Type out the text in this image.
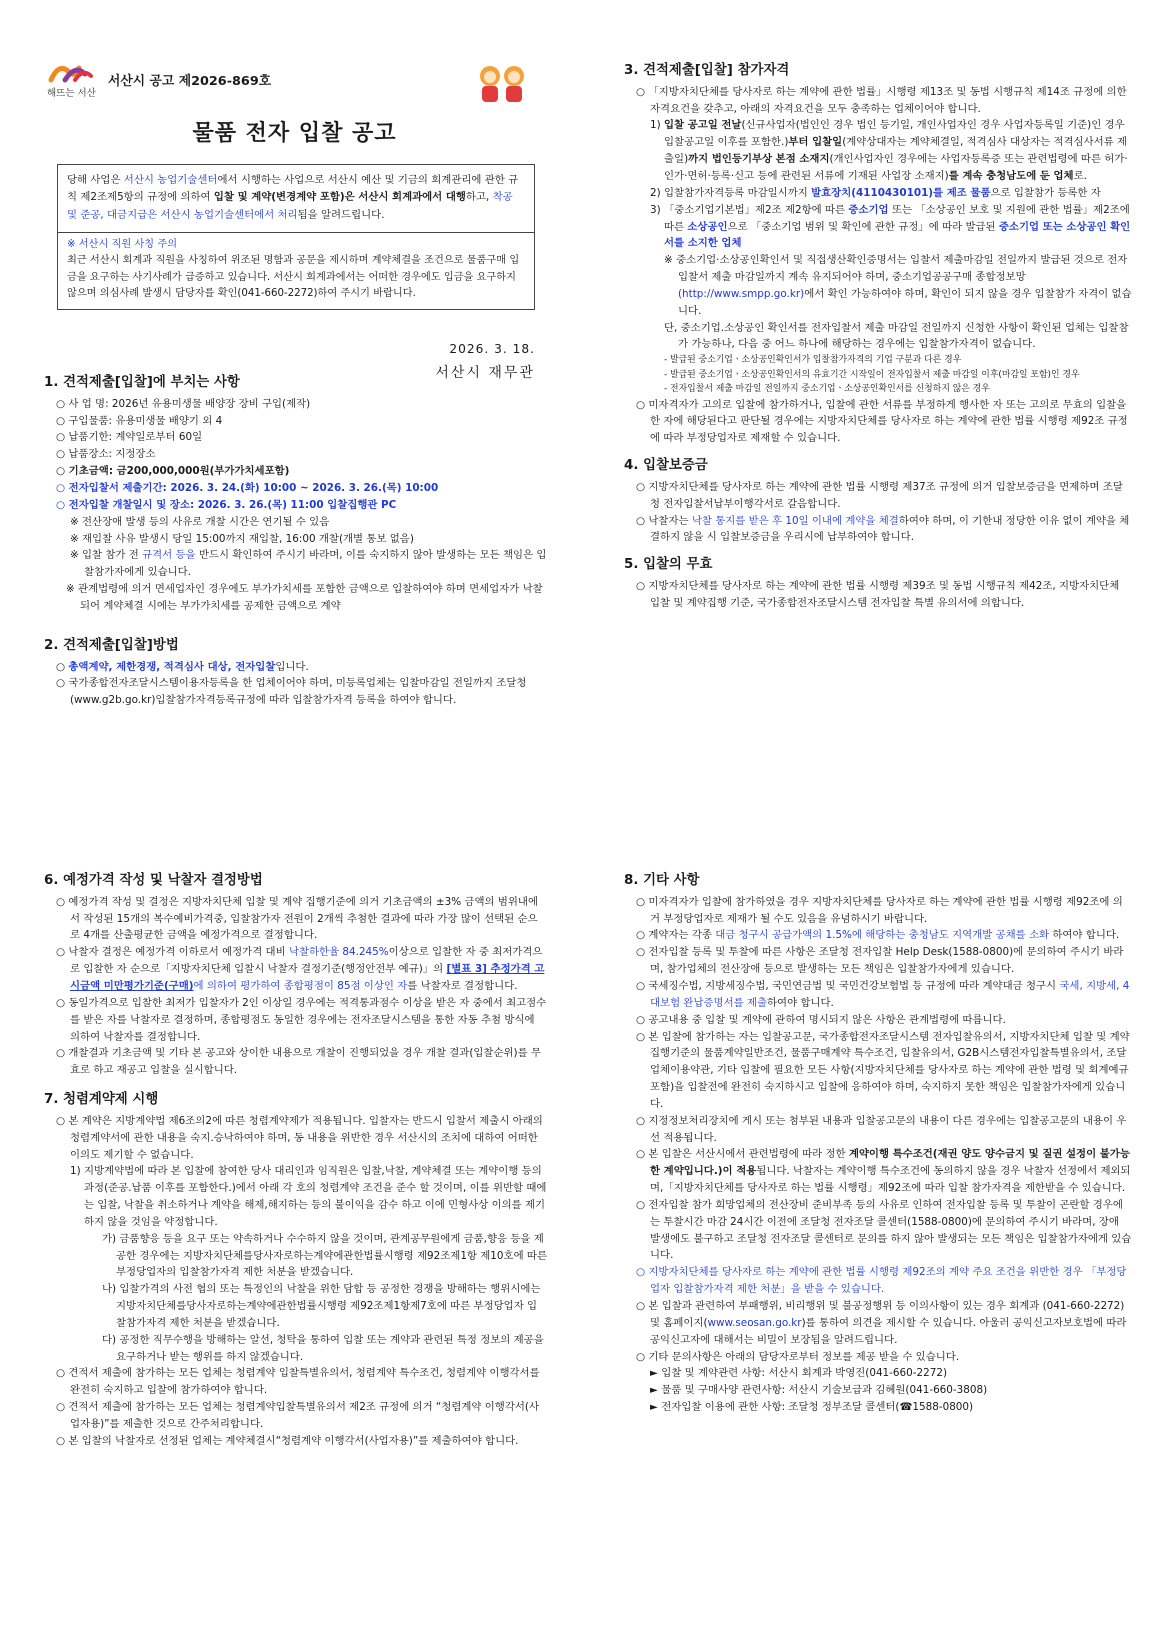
해뜨는 서산
서산시 공고 제2026-869호
물품 전자 입찰 공고
당해 사업은 서산시 농업기술센터에서 시행하는 사업으로 서산시 예산 및 기금의 회계관리에 관한 규칙 제2조제5항의 규정에 의하여 입찰 및 계약(변경계약 포함)은 서산시 회계과에서 대행하고, 착공 및 준공, 대금지급은 서산시 농업기술센터에서 처리됨을 알려드립니다.
※ 서산시 직원 사칭 주의
최근 서산시 회계과 직원을 사칭하여 위조된 명함과 공문을 제시하며 계약체결을 조건으로 물품구매 입금을 요구하는 사기사례가 급증하고 있습니다. 서산시 회계과에서는 어떠한 경우에도 입금을 요구하지 않으며 의심사례 발생시 담당자를 확인(041-660-2272)하여 주시기 바랍니다.
2026. 3. 18.
서산시 재무관
1. 견적제출[입찰]에 부치는 사항

○ 사 업 명: 2026년 유용미생물 배양장 장비 구입(제작)

○ 구입물품: 유용미생물 배양기 외 4

○ 납품기한: 계약일로부터 60일

○ 납품장소: 지정장소

○ 기초금액: 금200,000,000원(부가가치세포함)

○ 전자입찰서 제출기간: 2026. 3. 24.(화) 10:00 ~ 2026. 3. 26.(목) 10:00

○ 전자입찰 개찰일시 및 장소: 2026. 3. 26.(목) 11:00 입찰집행관 PC

※ 전산장애 발생 등의 사유로 개찰 시간은 연기될 수 있음

※ 재입찰 사유 발생시 당일 15:00까지 재입찰, 16:00 개찰(개별 통보 없음)

※ 입찰 참가 전 규격서 등을 반드시 확인하여 주시기 바라며, 이를 숙지하지 않아 발생하는 모든 책임은 입찰참가자에게 있습니다.

※ 관계법령에 의거 면세업자인 경우에도 부가가치세를 포함한 금액으로 입찰하여야 하며 면세업자가 낙찰되어 계약체결 시에는 부가가치세를 공제한 금액으로 계약

2. 견적제출[입찰]방법

○ 총액계약, 제한경쟁, 적격심사 대상, 전자입찰입니다.

○ 국가종합전자조달시스템이용자등록을 한 업체이어야 하며, 미등록업체는 입찰마감일 전일까지 조달청(www.g2b.go.kr)입찰참가자격등록규정에 따라 입찰참가자격 등록을 하여야 합니다.

3. 견적제출[입찰] 참가자격

○ 「지방자치단체를 당사자로 하는 계약에 관한 법률」시행령 제13조 및 동법 시행규칙 제14조 규정에 의한 자격요건을 갖추고, 아래의 자격요건을 모두 충족하는 업체이어야 합니다.

1) 입찰 공고일 전날(신규사업자(법인인 경우 법인 등기일, 개인사업자인 경우 사업자등록일 기준)인 경우 입찰공고일 이후를 포함한.)부터 입찰일(계약상대자는 계약체결일, 적격심사 대상자는 적격심사서류 제출일)까지 법인등기부상 본점 소재지(개인사업자인 경우에는 사업자등록증 또는 관련법령에 따른 허가·인가·면허·등록·신고 등에 관련된 서류에 기재된 사업장 소재지)를 계속 충청남도에 둔 업체로.

2) 입찰참가자격등록 마감일시까지 발효장치(4110430101)를 제조 물품으로 입찰참가 등록한 자

3) 「중소기업기본법」제2조 제2항에 따른 중소기업 또는 「소상공인 보호 및 지원에 관한 법률」제2조에 따른 소상공인으로 「중소기업 범위 및 확인에 관한 규정」에 따라 발급된 중소기업 또는 소상공인 확인서를 소지한 업체

※ 중소기업·소상공인확인서 및 직접생산확인증명서는 입찰서 제출마감일 전일까지 발급된 것으로 전자입찰서 제출 마감일까지 계속 유지되어야 하며, 중소기업공공구매 종합정보망 (http://www.smpp.go.kr)에서 확인 가능하여야 하며, 확인이 되지 않을 경우 입찰참가 자격이 없습니다.

단, 중소기업.소상공인 확인서를 전자입찰서 제출 마감일 전일까지 신청한 사항이 확인된 업체는 입찰참가 가능하나, 다음 중 어느 하나에 해당하는 경우에는 입찰참가자격이 없습니다.

- 발급된 중소기업ㆍ소상공인확인서가 입찰참가자격의 기업 구분과 다른 경우

- 발급된 중소기업ㆍ소상공인확인서의 유효기간 시작일이 전자입찰서 제출 마감일 이후(마감일 포함)인 경우

- 전자입찰서 제출 마감일 전일까지 중소기업ㆍ소상공인확인서를 신청하지 않은 경우

○ 미자격자가 고의로 입찰에 참가하거나, 입찰에 관한 서류를 부정하게 행사한 자 또는 고의로 무효의 입찰을 한 자에 해당된다고 판단될 경우에는 지방자치단체를 당사자로 하는 계약에 관한 법률 시행령 제92조 규정에 따라 부정당업자로 제재할 수 있습니다.

4. 입찰보증금

○ 지방자치단체를 당사자로 하는 계약에 관한 법률 시행령 제37조 규정에 의거 입찰보증금을 면제하며 조달청 전자입찰서납부이행각서로 갈음합니다.

○ 낙찰자는 낙찰 통지를 받은 후 10일 이내에 계약을 체결하여야 하며, 이 기한내 정당한 이유 없이 계약을 체결하지 않을 시 입찰보증금을 우리시에 납부하여야 합니다.

5. 입찰의 무효

○ 지방자치단체를 당사자로 하는 계약에 관한 법률 시행령 제39조 및 동법 시행규칙 제42조, 지방자치단체 입찰 및 계약집행 기준, 국가종합전자조달시스템 전자입찰 특별 유의서에 의합니다.

6. 예정가격 작성 및 낙찰자 결정방법

○ 예정가격 작성 및 결정은 지방자치단체 입찰 및 계약 집행기준에 의거 기초금액의 ±3% 금액의 범위내에서 작성된 15개의 복수예비가격중, 입찰참가자 전원이 2개씩 추첨한 결과에 따라 가장 많이 선택된 순으로 4개를 산출평균한 금액을 예정가격으로 결정합니다.

○ 낙찰자 결정은 예정가격 이하로서 예정가격 대비 낙찰하한율 84.245%이상으로 입찰한 자 중 최저가격으로 입찰한 자 순으로「지방자치단체 입찰시 낙찰자 결정기준(행정안전부 예규)」의 [별표 3] 추정가격 고시금액 미만평가기준(구매)에 의하여 평가하여 종합평점이 85점 이상인 자를 낙찰자로 결정합니다.

○ 동일가격으로 입찰한 최저가 입찰자가 2인 이상일 경우에는 적격통과점수 이상을 받은 자 중에서 최고점수를 받은 자를 낙찰자로 결정하며, 종합평점도 동일한 경우에는 전자조달시스템을 통한 자동 추첨 방식에 의하여 낙찰자를 결정합니다.

○ 개찰결과 기초금액 및 기타 본 공고와 상이한 내용으로 개찰이 진행되었을 경우 개찰 결과(입찰순위)를 무효로 하고 재공고 입찰을 실시합니다.

7. 청렴계약제 시행

○ 본 계약은 지방계약법 제6조의2에 따른 청렴계약제가 적용됩니다. 입찰자는 반드시 입찰서 제출시 아래의 청렴계약서에 관한 내용을 숙지.승낙하여야 하며, 동 내용을 위반한 경우 서산시의 조치에 대하여 어떠한 이의도 제기할 수 없습니다.

1) 지방계약법에 따라 본 입찰에 참여한 당사 대리인과 임직원은 입찰,낙찰, 계약체결 또는 계약이행 등의 과정(준공.납품 이후를 포함한다.)에서 아래 각 호의 청렴계약 조건을 준수 할 것이며, 이를 위반할 때에는 입찰, 낙찰을 취소하거나 계약을 해제,해지하는 등의 불이익을 감수 하고 이에 민형사상 이의를 제기하지 않을 것임을 약정합니다.

가) 금품향응 등을 요구 또는 약속하거나 수수하지 않을 것이며, 관계공무원에게 금품,향응 등을 제공한 경우에는 지방자치단체를당사자로하는계약에관한법률시행령 제92조제1항 제10호에 따른 부정당업자의 입찰참가자격 제한 처분을 받겠습니다.

나) 입찰가격의 사전 협의 또는 특정인의 낙찰을 위한 담합 등 공정한 경쟁을 방해하는 행위시에는 지방자치단체를당사자로하는계약에관한법률시행령 제92조제1항제7호에 따른 부정당업자 입찰참가자격 제한 처분을 받겠습니다.

다) 공정한 직무수행을 방해하는 알선, 청탁을 통하여 입찰 또는 계약과 관련된 특정 정보의 제공을 요구하거나 받는 행위를 하지 않겠습니다.

○ 견적서 제출에 참가하는 모든 업체는 청렴계약 입찰특별유의서, 청렴계약 특수조건, 청렴계약 이행각서를 완전히 숙지하고 입찰에 참가하여야 합니다.

○ 견적서 제출에 참가하는 모든 업체는 청렴계약입찰특별유의서 제2조 규정에 의거 “청렴계약 이행각서(사업자용)”를 제출한 것으로 간주처리합니다.

○ 본 입찰의 낙찰자로 선정된 업체는 계약체결시“청렴계약 이행각서(사업자용)”를 제출하여야 합니다.

8. 기타 사항

○ 미자격자가 입찰에 참가하였을 경우 지방자치단체를 당사자로 하는 계약에 관한 법률 시행령 제92조에 의거 부정당업자로 제재가 될 수도 있음을 유념하시기 바랍니다.

○ 계약자는 각종 대금 청구시 공급가액의 1.5%에 해당하는 충청남도 지역개발 공채를 소화 하여야 합니다.

○ 전자입찰 등록 및 투찰에 따른 사항은 조달청 전자입찰 Help Desk(1588-0800)에 문의하여 주시기 바라며, 참가업체의 전산장애 등으로 발생하는 모든 책임은 입찰참가자에게 있습니다.

○ 국세징수법, 지방세징수법, 국민연금법 및 국민건강보험법 등 규정에 따라 계약대금 청구시 국세, 지방세, 4대보험 완납증명서를 제출하여야 합니다.

○ 공고내용 중 입찰 및 계약에 관하여 명시되지 않은 사항은 관계법령에 따릅니다.

○ 본 입찰에 참가하는 자는 입찰공고문, 국가종합전자조달시스템 전자입찰유의서, 지방자치단체 입찰 및 계약 집행기준의 물품계약일반조건, 물품구매계약 특수조건, 입찰유의서, G2B시스템전자입찰특별유의서, 조달업체이용약관, 기타 입찰에 필요한 모든 사항(지방자치단체를 당사자로 하는 계약에 관한 법령 및 회계예규 포함)을 입찰전에 완전히 숙지하시고 입찰에 응하여야 하며, 숙지하지 못한 책임은 입찰참가자에게 있습니다.

○ 지정정보처리장치에 게시 또는 첨부된 내용과 입찰공고문의 내용이 다른 경우에는 입찰공고문의 내용이 우선 적용됩니다.

○ 본 입찰은 서산시에서 관련법령에 따라 정한 계약이행 특수조건(재권 양도 양수금지 및 질권 설정이 불가능한 계약입니다.)이 적용됩니다. 낙찰자는 계약이행 특수조건에 동의하지 않을 경우 낙찰자 선정에서 제외되며,「지방자치단체를 당사자로 하는 법률 시행령」제92조에 따라 입찰 참가자격을 제한받을 수 있습니다.

○ 전자입찰 참가 희망업체의 전산장비 준비부족 등의 사유로 인하여 전자입찰 등록 및 투찰이 곤란할 경우에는 투찰시간 마감 24시간 이전에 조달청 전자조달 콜센터(1588-0800)에 문의하여 주시기 바라며, 장애 발생에도 불구하고 조달청 전자조달 콜센터로 문의를 하지 않아 발생되는 모든 책임은 입찰참가자에게 있습니다.

○ 지방자치단체를 당사자로 하는 계약에 관한 법률 시행령 제92조의 계약 주요 조건을 위반한 경우 「부정당업자 입찰참가자격 제한 처분」을 받을 수 있습니다.

○ 본 입찰과 관련하여 부패행위, 비리행위 및 불공정행위 등 이의사항이 있는 경우 회계과 (041-660-2272) 및 홈페이지(www.seosan.go.kr)를 통하여 의견을 제시할 수 있습니다. 아울러 공익신고자보호법에 따라 공익신고자에 대해서는 비밀이 보장됨을 알려드립니다.

○ 기타 문의사항은 아래의 담당자로부터 정보를 제공 받을 수 있습니다.

► 입찰 및 계약관련 사항: 서산시 회계과 박영진(041-660-2272)

► 물품 및 구매사양 관련사항: 서산시 기술보급과 김혜원(041-660-3808)

► 전자입찰 이용에 관한 사항: 조달청 정부조달 콜센터(☎1588-0800)
